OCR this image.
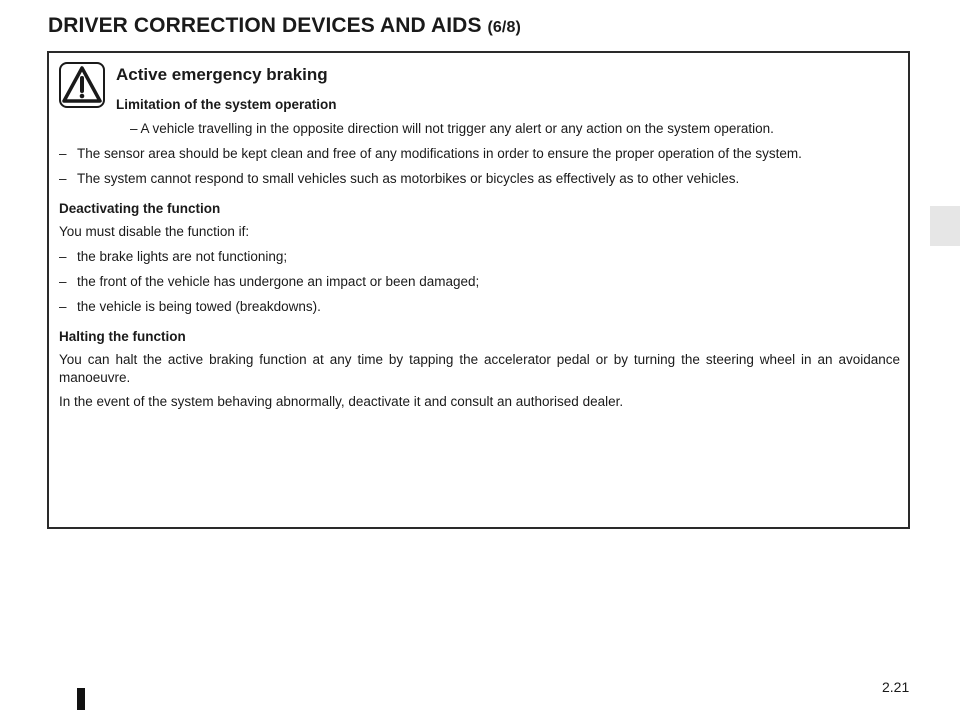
DRIVER CORRECTION DEVICES AND AIDS (6/8)
Active emergency braking

Limitation of the system operation

– A vehicle travelling in the opposite direction will not trigger any alert or any action on the system operation.

– The sensor area should be kept clean and free of any modifications in order to ensure the proper operation of the system.

– The system cannot respond to small vehicles such as motorbikes or bicycles as effectively as to other vehicles.

Deactivating the function

You must disable the function if:

– the brake lights are not functioning;

– the front of the vehicle has undergone an impact or been damaged;

– the vehicle is being towed (breakdowns).

Halting the function

You can halt the active braking function at any time by tapping the accelerator pedal or by turning the steering wheel in an avoidance manoeuvre.

In the event of the system behaving abnormally, deactivate it and consult an authorised dealer.

2.21
